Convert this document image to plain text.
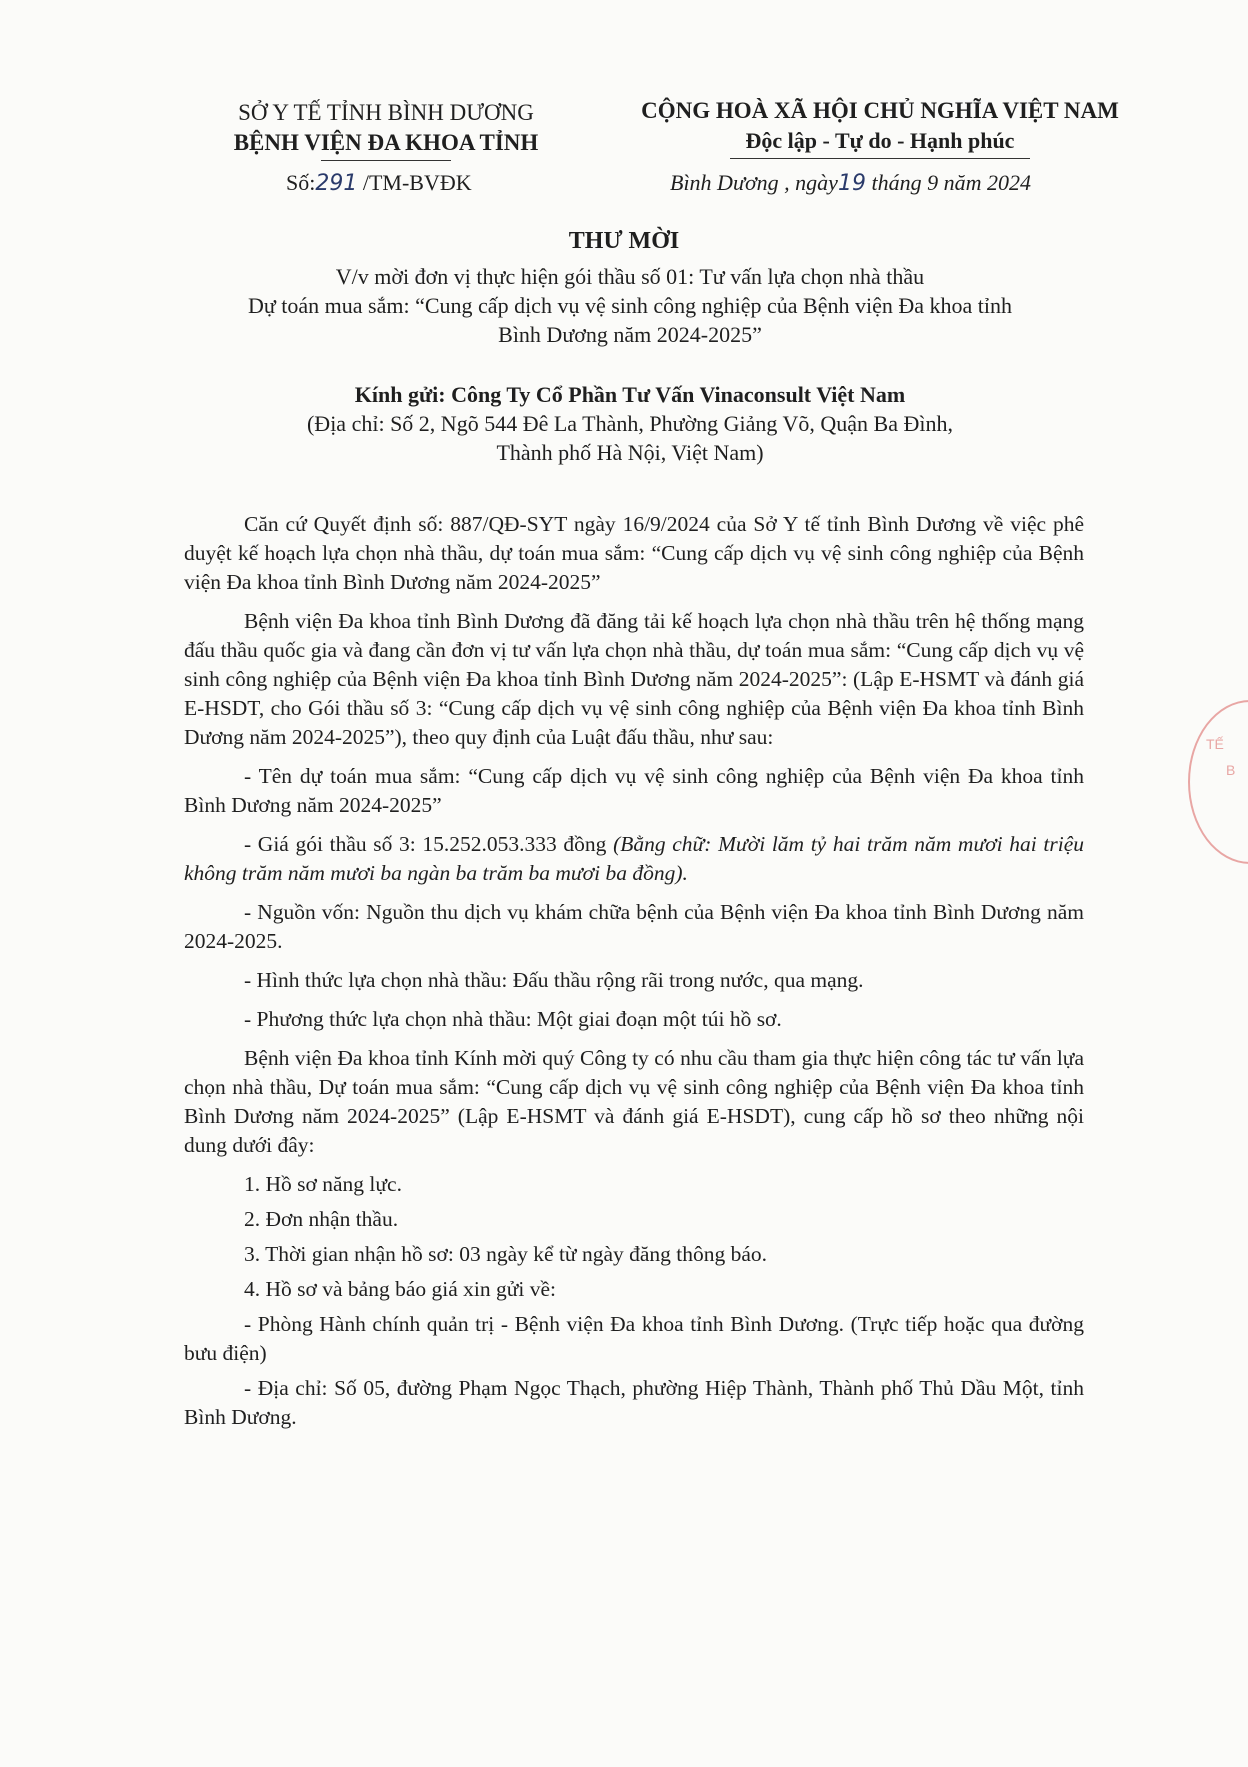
SỞ Y TẾ TỈNH BÌNH DƯƠNG
BỆNH VIỆN ĐA KHOA TỈNH
CỘNG HOÀ XÃ HỘI CHỦ NGHĨA VIỆT NAM
Độc lập - Tự do - Hạnh phúc
Số:291 /TM-BVĐK	Bình Dương , ngày19 tháng 9 năm 2024
THƯ MỜI
V/v mời đơn vị thực hiện gói thầu số 01: Tư vấn lựa chọn nhà thầu
Dự toán mua sắm: “Cung cấp dịch vụ vệ sinh công nghiệp của Bệnh viện Đa khoa tỉnh
Bình Dương năm 2024-2025”
Kính gửi: Công Ty Cổ Phần Tư Vấn Vinaconsult Việt Nam
(Địa chỉ: Số 2, Ngõ 544 Đê La Thành, Phường Giảng Võ, Quận Ba Đình,
Thành phố Hà Nội, Việt Nam)

Căn cứ Quyết định số: 887/QĐ-SYT ngày 16/9/2024 của Sở Y tế tỉnh Bình Dương về việc phê duyệt kế hoạch lựa chọn nhà thầu, dự toán mua sắm: “Cung cấp dịch vụ vệ sinh công nghiệp của Bệnh viện Đa khoa tỉnh Bình Dương năm 2024-2025”

Bệnh viện Đa khoa tỉnh Bình Dương đã đăng tải kế hoạch lựa chọn nhà thầu trên hệ thống mạng đấu thầu quốc gia và đang cần đơn vị tư vấn lựa chọn nhà thầu, dự toán mua sắm: “Cung cấp dịch vụ vệ sinh công nghiệp của Bệnh viện Đa khoa tỉnh Bình Dương năm 2024-2025”: (Lập E-HSMT và đánh giá E-HSDT, cho Gói thầu số 3: “Cung cấp dịch vụ vệ sinh công nghiệp của Bệnh viện Đa khoa tỉnh Bình Dương năm 2024-2025”), theo quy định của Luật đấu thầu, như sau:

- Tên dự toán mua sắm: “Cung cấp dịch vụ vệ sinh công nghiệp của Bệnh viện Đa khoa tỉnh Bình Dương năm 2024-2025”

- Giá gói thầu số 3: 15.252.053.333 đồng (Bằng chữ: Mười lăm tỷ hai trăm năm mươi hai triệu không trăm năm mươi ba ngàn ba trăm ba mươi ba đồng).

- Nguồn vốn: Nguồn thu dịch vụ khám chữa bệnh của Bệnh viện Đa khoa tỉnh Bình Dương năm 2024-2025.

- Hình thức lựa chọn nhà thầu: Đấu thầu rộng rãi trong nước, qua mạng.

- Phương thức lựa chọn nhà thầu: Một giai đoạn một túi hồ sơ.

Bệnh viện Đa khoa tỉnh Kính mời quý Công ty có nhu cầu tham gia thực hiện công tác tư vấn lựa chọn nhà thầu, Dự toán mua sắm: “Cung cấp dịch vụ vệ sinh công nghiệp của Bệnh viện Đa khoa tỉnh Bình Dương năm 2024-2025” (Lập E-HSMT và đánh giá E-HSDT), cung cấp hồ sơ theo những nội dung dưới đây:

1. Hồ sơ năng lực.

2. Đơn nhận thầu.

3. Thời gian nhận hồ sơ: 03 ngày kể từ ngày đăng thông báo.

4. Hồ sơ và bảng báo giá xin gửi về:

- Phòng Hành chính quản trị - Bệnh viện Đa khoa tỉnh Bình Dương. (Trực tiếp hoặc qua đường bưu điện)

- Địa chỉ: Số 05, đường Phạm Ngọc Thạch, phường Hiệp Thành, Thành phố Thủ Dầu Một, tỉnh Bình Dương.

TẾ
B
